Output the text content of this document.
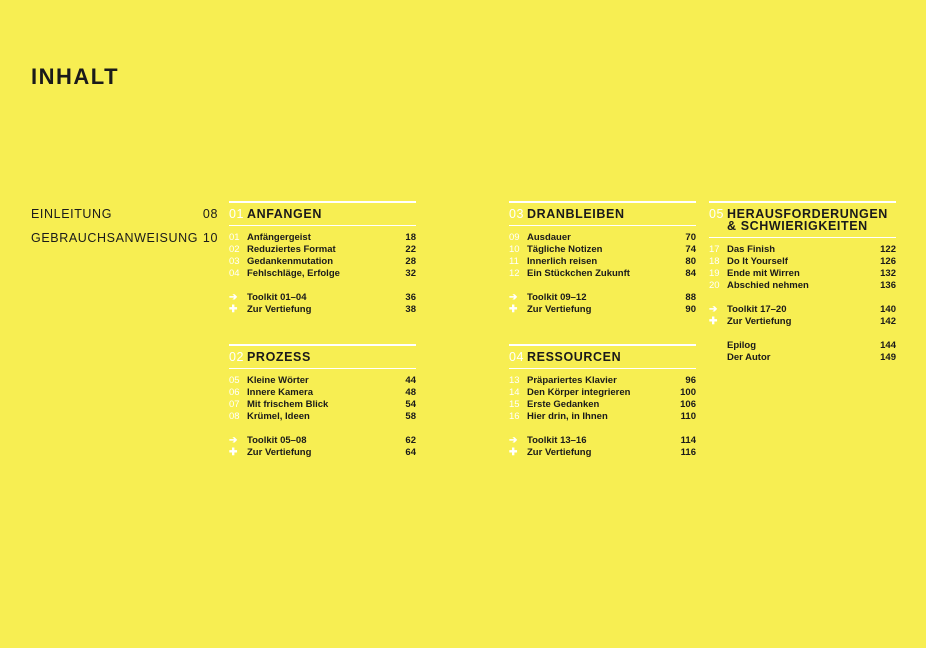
INHALT
EINLEITUNG	08
GEBRAUCHSANWEISUNG 10
01 ANFANGEN
01 Anfängergeist	18
02 Reduziertes Format	22
03 Gedankenmutation	28
04 Fehlschläge, Erfolge	32
➔	Toolkit 01–04	36
✚	Zur Vertiefung	38
02 PROZESS
05 Kleine Wörter	44
06 Innere Kamera	48
07 Mit frischem Blick	54
08 Krümel, Ideen	58
➔	Toolkit 05–08	62
✚	Zur Vertiefung	64
03 DRANBLEIBEN
09 Ausdauer	70
10 Tägliche Notizen	74
11 Innerlich reisen	80
12 Ein Stückchen Zukunft	84
➔	Toolkit 09–12	88
✚	Zur Vertiefung	90
04 RESSOURCEN
13 Präpariertes Klavier	96
14 Den Körper integrieren	100
15 Erste Gedanken	106
16 Hier drin, in Ihnen	110
➔	Toolkit 13–16	114
✚	Zur Vertiefung	116
05 HERAUSFORDERUNGEN
& SCHWIERIGKEITEN
17 Das Finish	122
18 Do It Yourself	126
19 Ende mit Wirren	132
20 Abschied nehmen	136
➔	Toolkit 17–20	140
✚	Zur Vertiefung	142
Epilog	144
Der Autor	149
